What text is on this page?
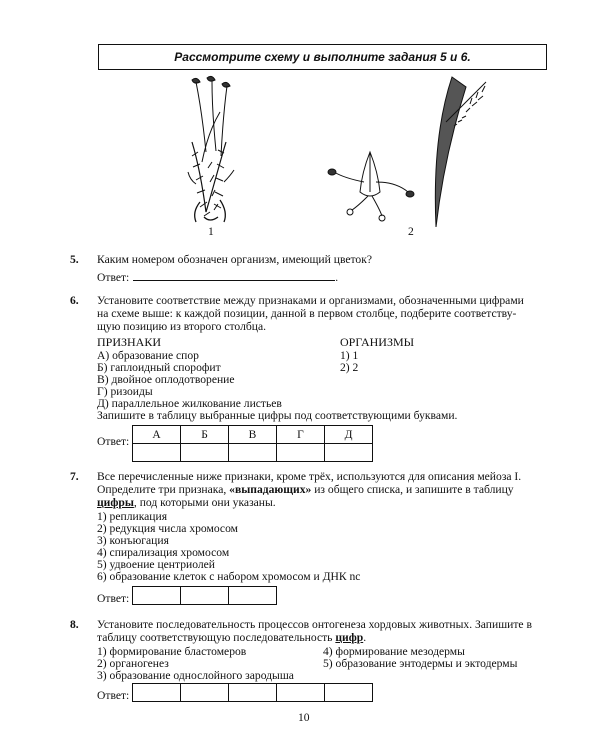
Рассмотрите схему и выполните задания 5 и 6.
1	2
5. Каким номером обозначен организм, имеющий цветок?
Ответ:	.
6. Установите соответствие между признаками и организмами, обозначенными цифрами
на схеме выше: к каждой позиции, данной в первом столбце, подберите соответству-
щую позицию из второго столбца.
ПРИЗНАКИ	ОРГАНИЗМЫ
А) образование спор
Б) гаплоидный спорофит
В) двойное оплодотворение
Г) ризоиды
Д) параллельное жилкование листьев
1) 1
2) 2
Запишите в таблицу выбранные цифры под соответствующими буквами.
Ответ:
А	Б	В	Г	Д

7. Все перечисленные ниже признаки, кроме трёх, используются для описания мейоза I.
Определите три признака, «выпадающих» из общего списка, и запишите в таблицу
цифры, под которыми они указаны.
1) репликация
2) редукция числа хромосом
3) конъюгация
4) спирализация хромосом
5) удвоение центриолей
6) образование клеток с набором хромосом и ДНК nc
Ответ:

8. Установите последовательность процессов онтогенеза хордовых животных. Запишите в
таблицу соответствующую последовательность цифр.
1) формирование бластомеров
2) органогенез
3) образование однослойного зародыша
4) формирование мезодермы
5) образование энтодермы и эктодермы
Ответ:

10
